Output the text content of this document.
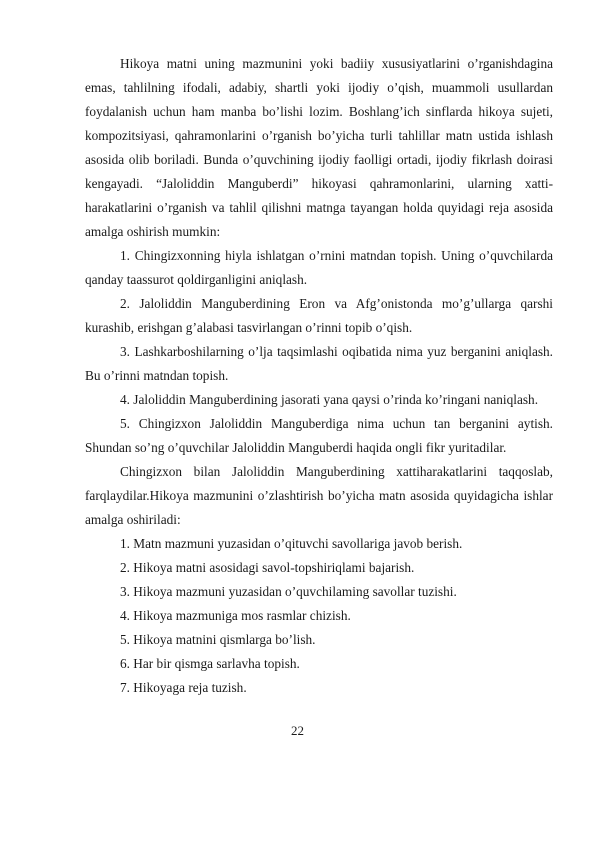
Hikoya matni uning mazmunini yoki badiiy xususiyatlarini o’rganishdagina emas, tahlilning ifodali, adabiy, shartli yoki ijodiy o’qish, muammoli usullardan foydalanish uchun ham manba bo’lishi lozim. Boshlang’ich sinflarda hikoya sujeti, kompozitsiyasi, qahramonlarini o’rganish bo’yicha turli tahlillar matn ustida ishlash asosida olib boriladi. Bunda o’quvchining ijodiy faolligi ortadi, ijodiy fikrlash doirasi kengayadi. “Jaloliddin Manguberdi” hikoyasi qahramonlarini, ularning xatti-harakatlarini o’rganish va tahlil qilishni matnga tayangan holda quyidagi reja asosida amalga oshirish mumkin:

1. Chingizxonning hiyla ishlatgan o’rnini matndan topish. Uning o’quvchilarda qanday taassurot qoldirganligini aniqlash.

2. Jaloliddin Manguberdining Eron va Afg’onistonda mo’g’ullarga qarshi kurashib, erishgan g’alabasi tasvirlangan o’rinni topib o’qish.

3. Lashkarboshilarning o’lja taqsimlashi oqibatida nima yuz berganini aniqlash. Bu o’rinni matndan topish.

4. Jaloliddin Manguberdining jasorati yana qaysi o’rinda ko’ringani naniqlash.

5. Chingizxon Jaloliddin Manguberdiga nima uchun tan berganini aytish. Shundan so’ng o’quvchilar Jaloliddin Manguberdi haqida ongli fikr yuritadilar.

Chingizxon bilan Jaloliddin Manguberdining xattiharakatlarini taqqoslab, farqlaydilar.Hikoya mazmunini o’zlashtirish bo’yicha matn asosida quyidagicha ishlar amalga oshiriladi:

1. Matn mazmuni yuzasidan o’qituvchi savollariga javob berish.

2. Hikoya matni asosidagi savol-topshiriqlami bajarish.

3. Hikoya mazmuni yuzasidan o’quvchilaming savollar tuzishi.

4. Hikoya mazmuniga mos rasmlar chizish.

5. Hikoya matnini qismlarga bo’lish.

6. Har bir qismga sarlavha topish.

7. Hikoyaga reja tuzish.

22
